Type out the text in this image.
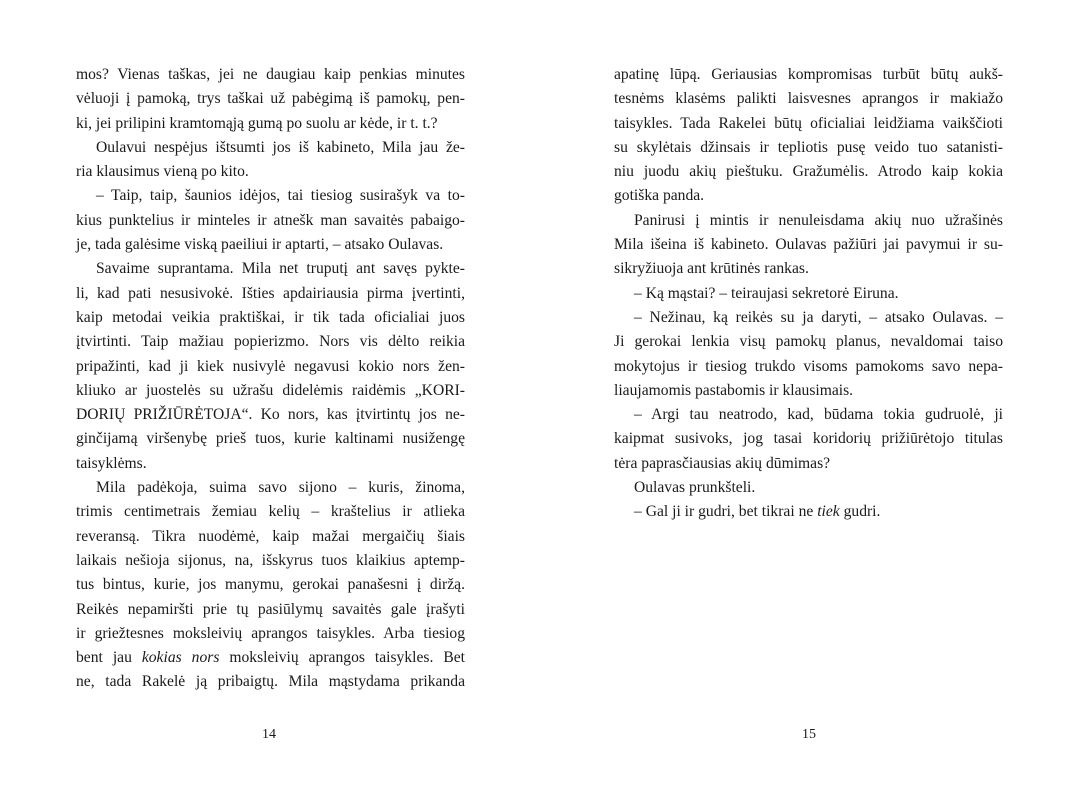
mos? Vienas taškas, jei ne daugiau kaip penkias minutes
vėluoji į pamoką, trys taškai už pabėgimą iš pamokų, pen-
ki, jei prilipini kramtomąją gumą po suolu ar kėde, ir t. t.?
Oulavui nespėjus ištsumti jos iš kabineto, Mila jau že-
ria klausimus vieną po kito.
– Taip, taip, šaunios idėjos, tai tiesiog susirašyk va to-
kius punktelius ir minteles ir atnešk man savaitės pabaigo-
je, tada galėsime viską paeiliui ir aptarti, – atsako Oulavas.
Savaime suprantama. Mila net truputį ant savęs pykte-
li, kad pati nesusivokė. Išties apdairiausia pirma įvertinti,
kaip metodai veikia praktiškai, ir tik tada oficialiai juos
įtvirtinti. Taip mažiau popierizmo. Nors vis dėlto reikia
pripažinti, kad ji kiek nusivylė negavusi kokio nors žen-
kliuko ar juostelės su užrašu didelėmis raidėmis „KORI-
DORIŲ PRIŽIŪRĖTOJA“. Ko nors, kas įtvirtintų jos ne-
ginčijamą viršenybę prieš tuos, kurie kaltinami nusižengę
taisyklėms.
Mila padėkoja, suima savo sijono – kuris, žinoma,
trimis centimetrais žemiau kelių – kraštelius ir atlieka
reveransą. Tikra nuodėmė, kaip mažai mergaičių šiais
laikais nešioja sijonus, na, išskyrus tuos klaikius aptemp-
tus bintus, kurie, jos manymu, gerokai panašesni į diržą.
Reikės nepamiršti prie tų pasiūlymų savaitės gale įrašyti
ir griežtesnes moksleivių aprangos taisykles. Arba tiesiog
bent jau kokias nors moksleivių aprangos taisykles. Bet
ne, tada Rakelė ją pribaigtų. Mila mąstydama prikanda
14
apatinę lūpą. Geriausias kompromisas turbūt būtų aukš-
tesnėms klasėms palikti laisvesnes aprangos ir makiažo
taisykles. Tada Rakelei būtų oficialiai leidžiama vaikščioti
su skylėtais džinsais ir tepliotis pusę veido tuo satanisti-
niu juodu akių pieštuku. Gražumėlis. Atrodo kaip kokia
gotiška panda.
Panirusi į mintis ir nenuleisdama akių nuo užrašinės
Mila išeina iš kabineto. Oulavas pažiūri jai pavymui ir su-
sikryžiuoja ant krūtinės rankas.
– Ką mąstai? – teiraujasi sekretorė Eiruna.
– Nežinau, ką reikės su ja daryti, – atsako Oulavas. –
Ji gerokai lenkia visų pamokų planus, nevaldomai taiso
mokytojus ir tiesiog trukdo visoms pamokoms savo nepa-
liaujamomis pastabomis ir klausimais.
– Argi tau neatrodo, kad, būdama tokia gudruolė, ji
kaipmat susivoks, jog tasai koridorių prižiūrėtojo titulas
tėra paprasčiausias akių dūmimas?
Oulavas prunkšteli.
– Gal ji ir gudri, bet tikrai ne tiek gudri.
15
